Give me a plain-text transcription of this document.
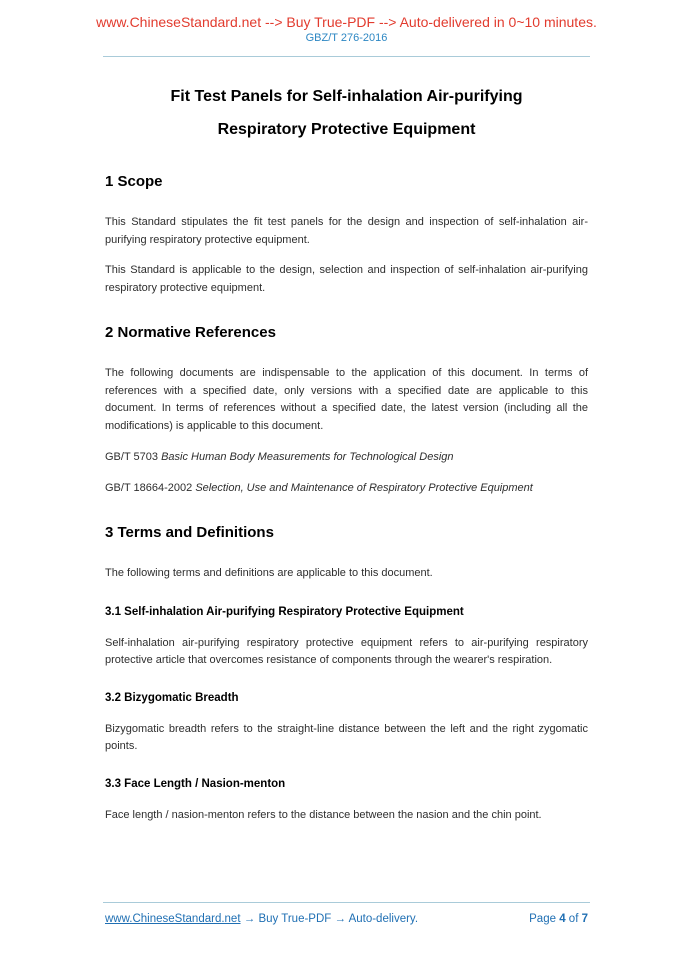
www.ChineseStandard.net --> Buy True-PDF --> Auto-delivered in 0~10 minutes.
GBZ/T 276-2016
Fit Test Panels for Self-inhalation Air-purifying
Respiratory Protective Equipment
1 Scope

This Standard stipulates the fit test panels for the design and inspection of self-inhalation air-purifying respiratory protective equipment.

This Standard is applicable to the design, selection and inspection of self-inhalation air-purifying respiratory protective equipment.

2 Normative References

The following documents are indispensable to the application of this document. In terms of references with a specified date, only versions with a specified date are applicable to this document. In terms of references without a specified date, the latest version (including all the modifications) is applicable to this document.

GB/T 5703 Basic Human Body Measurements for Technological Design

GB/T 18664-2002 Selection, Use and Maintenance of Respiratory Protective Equipment

3 Terms and Definitions

The following terms and definitions are applicable to this document.

3.1 Self-inhalation Air-purifying Respiratory Protective Equipment

Self-inhalation air-purifying respiratory protective equipment refers to air-purifying respiratory protective article that overcomes resistance of components through the wearer's respiration.

3.2 Bizygomatic Breadth

Bizygomatic breadth refers to the straight-line distance between the left and the right zygomatic points.

3.3 Face Length / Nasion-menton

Face length / nasion-menton refers to the distance between the nasion and the chin point.

www.ChineseStandard.net → Buy True-PDF → Auto-delivery.	Page 4 of 7
